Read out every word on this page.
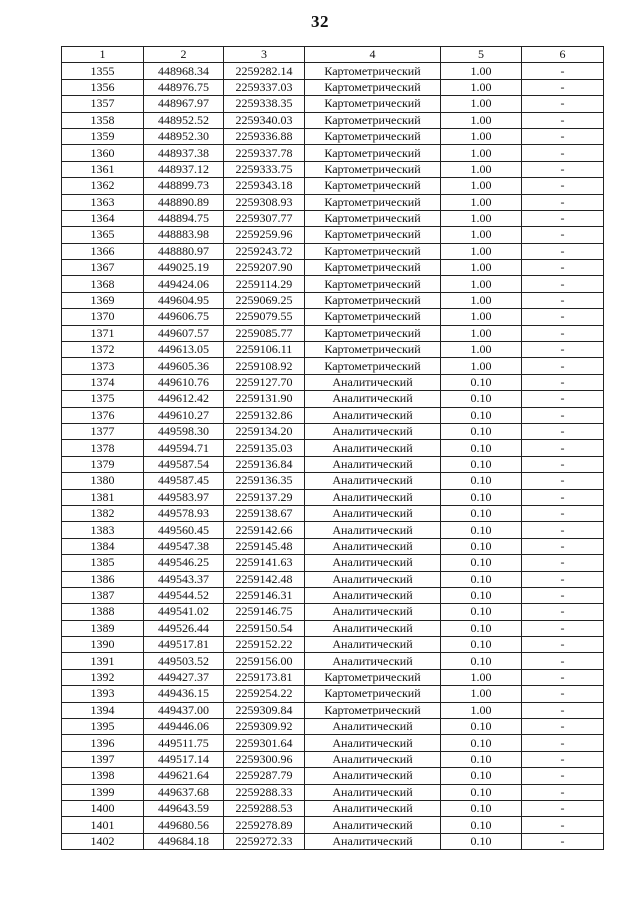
32
1	2	3	4	5	6
1355	448968.34	2259282.14	Картометрический	1.00	-
1356	448976.75	2259337.03	Картометрический	1.00	-
1357	448967.97	2259338.35	Картометрический	1.00	-
1358	448952.52	2259340.03	Картометрический	1.00	-
1359	448952.30	2259336.88	Картометрический	1.00	-
1360	448937.38	2259337.78	Картометрический	1.00	-
1361	448937.12	2259333.75	Картометрический	1.00	-
1362	448899.73	2259343.18	Картометрический	1.00	-
1363	448890.89	2259308.93	Картометрический	1.00	-
1364	448894.75	2259307.77	Картометрический	1.00	-
1365	448883.98	2259259.96	Картометрический	1.00	-
1366	448880.97	2259243.72	Картометрический	1.00	-
1367	449025.19	2259207.90	Картометрический	1.00	-
1368	449424.06	2259114.29	Картометрический	1.00	-
1369	449604.95	2259069.25	Картометрический	1.00	-
1370	449606.75	2259079.55	Картометрический	1.00	-
1371	449607.57	2259085.77	Картометрический	1.00	-
1372	449613.05	2259106.11	Картометрический	1.00	-
1373	449605.36	2259108.92	Картометрический	1.00	-
1374	449610.76	2259127.70	Аналитический	0.10	-
1375	449612.42	2259131.90	Аналитический	0.10	-
1376	449610.27	2259132.86	Аналитический	0.10	-
1377	449598.30	2259134.20	Аналитический	0.10	-
1378	449594.71	2259135.03	Аналитический	0.10	-
1379	449587.54	2259136.84	Аналитический	0.10	-
1380	449587.45	2259136.35	Аналитический	0.10	-
1381	449583.97	2259137.29	Аналитический	0.10	-
1382	449578.93	2259138.67	Аналитический	0.10	-
1383	449560.45	2259142.66	Аналитический	0.10	-
1384	449547.38	2259145.48	Аналитический	0.10	-
1385	449546.25	2259141.63	Аналитический	0.10	-
1386	449543.37	2259142.48	Аналитический	0.10	-
1387	449544.52	2259146.31	Аналитический	0.10	-
1388	449541.02	2259146.75	Аналитический	0.10	-
1389	449526.44	2259150.54	Аналитический	0.10	-
1390	449517.81	2259152.22	Аналитический	0.10	-
1391	449503.52	2259156.00	Аналитический	0.10	-
1392	449427.37	2259173.81	Картометрический	1.00	-
1393	449436.15	2259254.22	Картометрический	1.00	-
1394	449437.00	2259309.84	Картометрический	1.00	-
1395	449446.06	2259309.92	Аналитический	0.10	-
1396	449511.75	2259301.64	Аналитический	0.10	-
1397	449517.14	2259300.96	Аналитический	0.10	-
1398	449621.64	2259287.79	Аналитический	0.10	-
1399	449637.68	2259288.33	Аналитический	0.10	-
1400	449643.59	2259288.53	Аналитический	0.10	-
1401	449680.56	2259278.89	Аналитический	0.10	-
1402	449684.18	2259272.33	Аналитический	0.10	-
